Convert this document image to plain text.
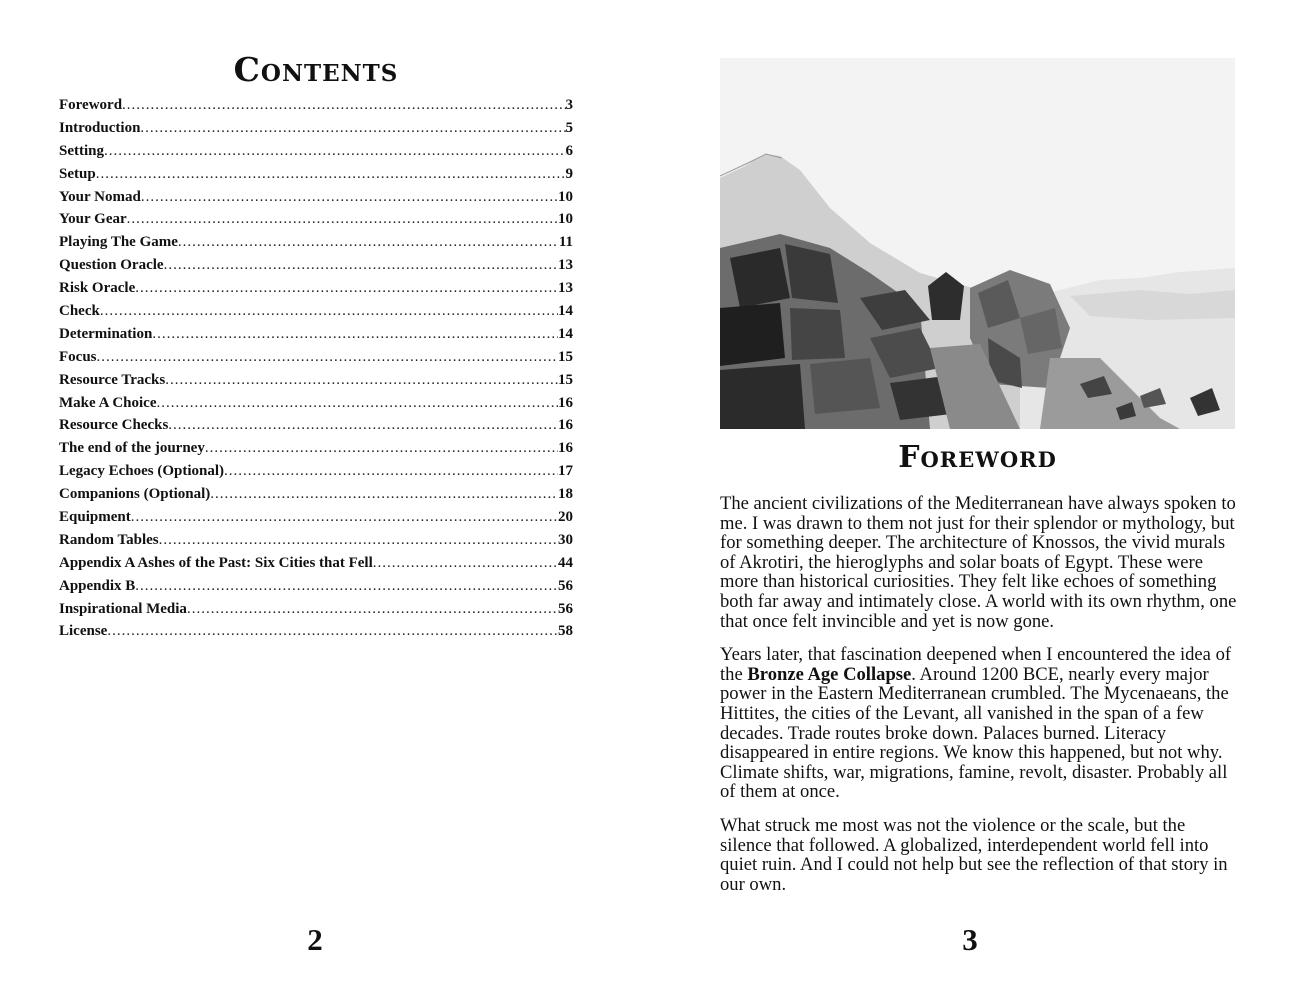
Contents
Foreword .....	3
Introduction .....	5
Setting .....	6
Setup .....	9
Your Nomad .....	10
Your Gear .....	10
Playing The Game .....	11
Question Oracle .....	13
Risk Oracle .....	13
Check .....	14
Determination .....	14
Focus .....	15
Resource Tracks .....	15
Make A Choice .....	16
Resource Checks .....	16
The end of the journey .....	16
Legacy Echoes (Optional) .....	17
Companions (Optional) .....	18
Equipment .....	20
Random Tables .....	30
Appendix A Ashes of the Past: Six Cities that Fell .....	44
Appendix B .....	56
Inspirational Media .....	56
License .....	58
2
Foreword

The ancient civilizations of the Mediterranean have always spoken to me. I was drawn to them not just for their splendor or mythology, but for something deeper. The architecture of Knossos, the vivid murals of Akrotiri, the hieroglyphs and solar boats of Egypt. These were more than historical curiosities. They felt like echoes of something both far away and intimately close. A world with its own rhythm, one that once felt invincible and yet is now gone.

Years later, that fascination deepened when I encountered the idea of the Bronze Age Collapse. Around 1200 BCE, nearly every major power in the Eastern Mediterranean crumbled. The Mycenaeans, the Hittites, the cities of the Levant, all vanished in the span of a few decades. Trade routes broke down. Palaces burned. Literacy disappeared in entire regions. We know this happened, but not why. Climate shifts, war, migrations, famine, revolt, disaster. Probably all of them at once.

What struck me most was not the violence or the scale, but the silence that followed. A globalized, interdependent world fell into quiet ruin. And I could not help but see the reflection of that story in our own.

3
